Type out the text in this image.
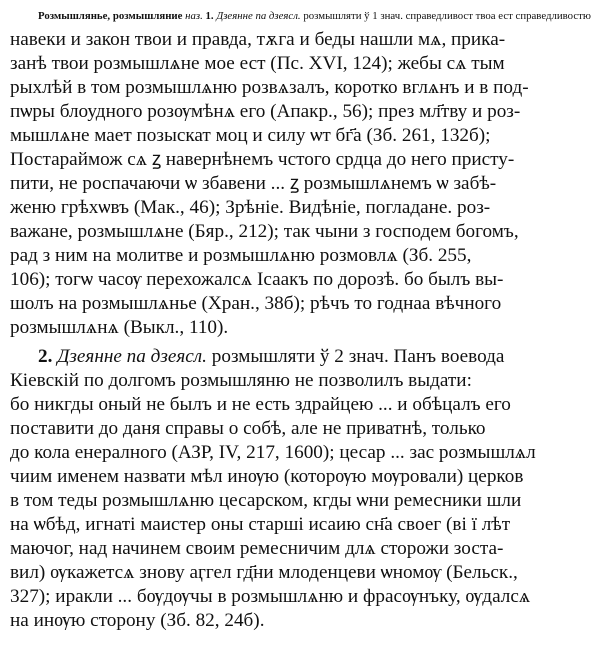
Розмышлянье, розмышляние наз. 1. Дзеянне па дзеясл. розмышляти ў 1 знач. справедливост твоа ест справедливостю
навеки и закон твои и правда, тѫга и беды нашли мѧ, прика-
занѣ твои розмышлѧне мое ест (Пс. XVI, 124); жебы сѧ тым
рыхлѣй в том розмышлѧню розвѧзалъ, коротко вглѧнъ и в под-
пѡры блоудного розѹмѣнѧ его (Апакр., 56); през мл҃тву и роз-
мышлѧне мает позыскат моц и силу ѡт бг҃а (Зб. 261, 132б);
Постараймож сѧ ꙁ навернѣнемъ чстого срдца до него присту-
пити, не роспачаючи ѡ збавени ... ꙁ розмышлѧнемъ ѡ забѣ-
женю грѣхѡвъ (Мак., 46); Зрѣніе. Видѣніе, погладане. роз-
важане, розмышлѧне (Бяр., 212); так чыни з господем богомъ,
рад з ним на молитве и розмышлѧню розмовлѧ (Зб. 255,
106); тогѡ часѹ перехожалсѧ Ісаакъ по дорозѣ. бо былъ вы-
шолъ на розмышлѧнье (Хран., 38б); рѣчъ то годнаа вѣчного
розмышлѧнѧ (Выкл., 110).
2. Дзеянне па дзеясл. розмышляти ў 2 знач. Панъ воевода
Кіевскій по долгомъ розмышляню не позволилъ выдати:
бо никгды оный не былъ и не есть здрайцею ... и обѣцалъ его
поставити до даня справы о собѣ, але не приватнѣ, только
до кола енералного (АЗР, IV, 217, 1600); цесар ... зас розмышлѧл
чиим именем назвати мѣл инѹю (которѹю мѹровали) церков
в том теды розмышлѧню цесарском, кгды ѡни ремесники шли
на ѡбѣд, игнаті маистер оны старші исаию сн҃а своег (ві ї лѣт
маючог, над начинем своим ремесничим длѧ сторожи зоста-
вил) ѹкажетсѧ знову аӷгел гд҃ни млоденцеви ѡномѹ (Бельск.,
327); иракли ... бѹдѹчы в розмышлѧню и фрасѹнъку, ѹдалсѧ
на инѹю сторону (Зб. 82, 24б).
